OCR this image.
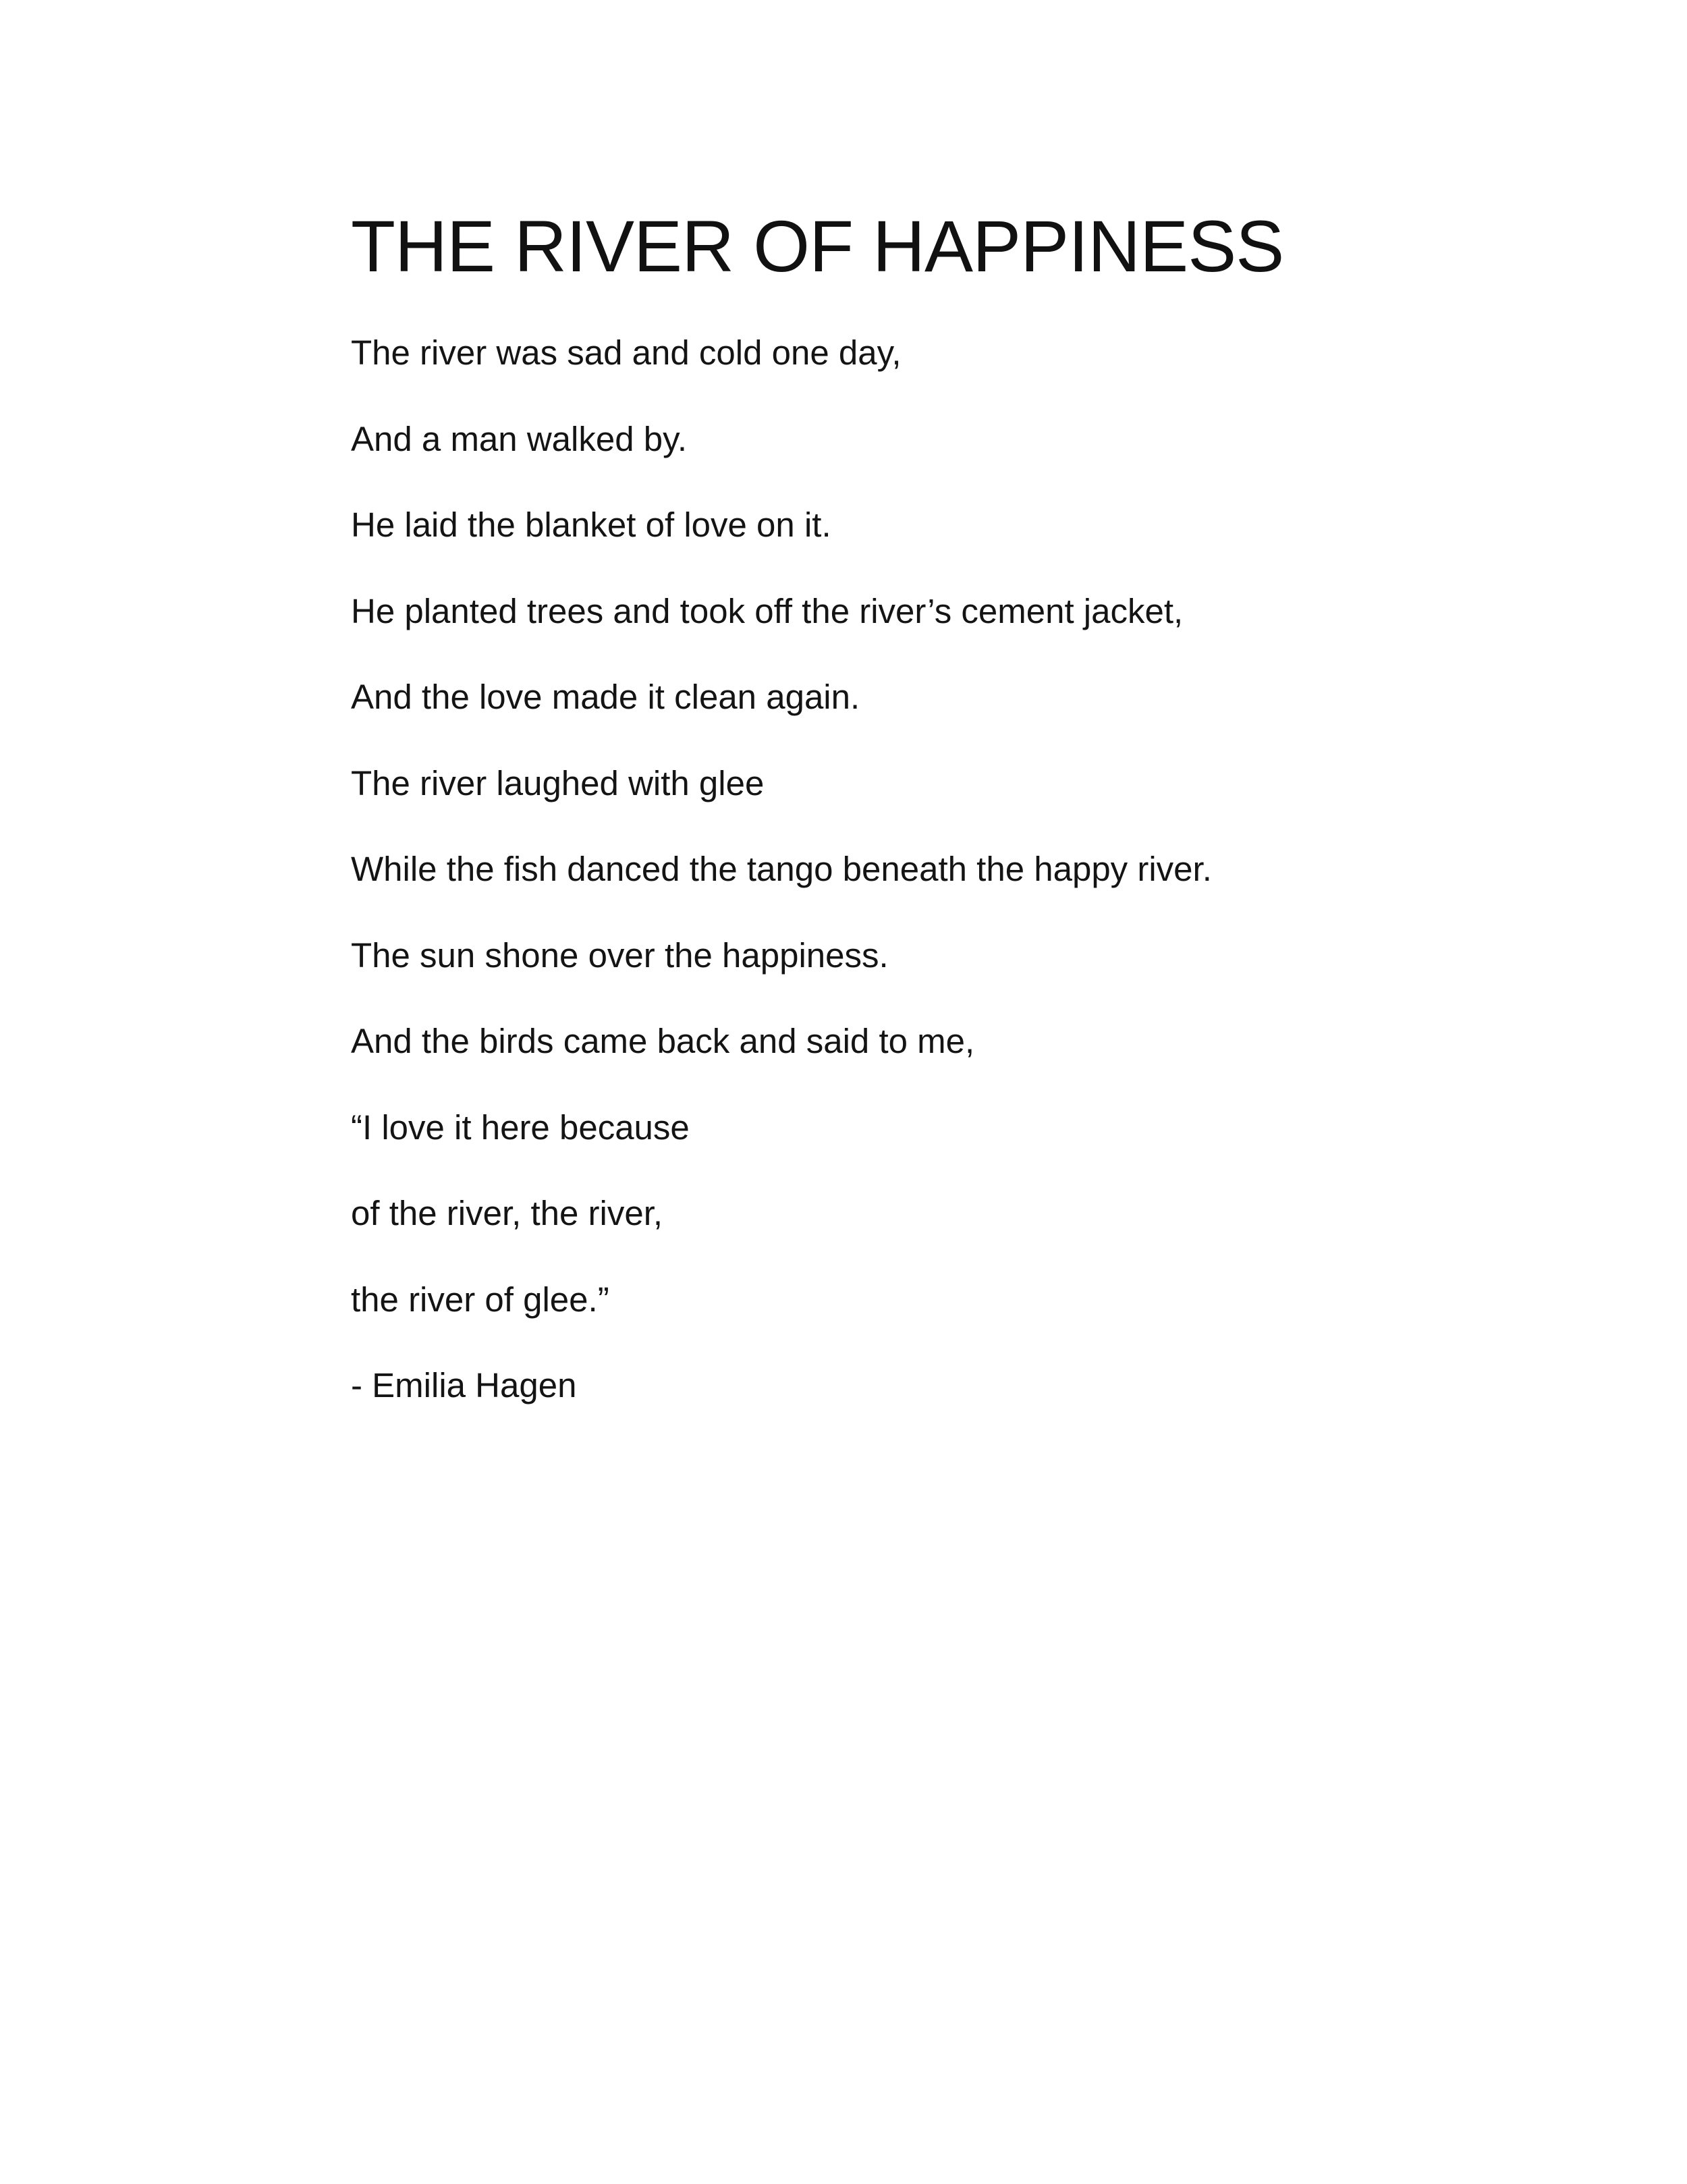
THE RIVER OF HAPPINESS

The river was sad and cold one day,

And a man walked by.

He laid the blanket of love on it.

He planted trees and took off the river’s cement jacket,

And the love made it clean again.

The river laughed with glee

While the fish danced the tango beneath the happy river.

The sun shone over the happiness.

And the birds came back and said to me,

“I love it here because

of the river, the river,

the river of glee.”

- Emilia Hagen
